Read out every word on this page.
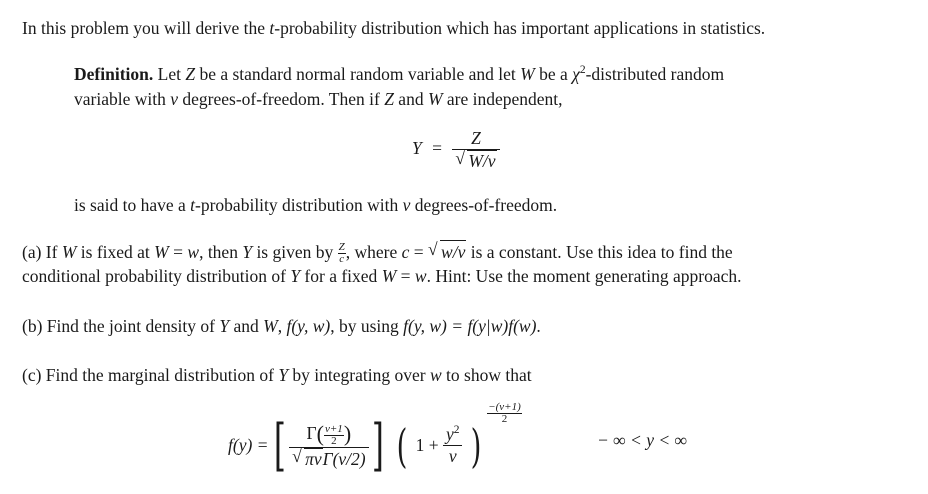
In this problem you will derive the t-probability distribution which has important applications in statistics.
Definition. Let Z be a standard normal random variable and let W be a $\chi^2$-distributed random
variable with ν degrees-of-freedom. Then if Z and W are independent,
Y = Z
√ W/ν
is said to have a t-probability distribution with ν degrees-of-freedom.
(a) If W is fixed at W = w, then Y is given by $\frac{Z}{c}$ , where c = √ w/ν is a constant. Use this idea to find the
conditional probability distribution of Y for a fixed W = w. Hint: Use the moment generating approach.
(b) Find the joint density of Y and W, f(y, w), by using f(y, w) = f(y|w)f(w).
(c) Find the marginal distribution of Y by integrating over w to show that
f(y) = [ $\Gamma( \frac{\nu+1}{2}$ )
√ πνΓ(ν/2) ] ( $1 + \frac{y^2}{\nu}$ )
$\frac{-(\nu+1)}{2}$
− ∞ < y < ∞
